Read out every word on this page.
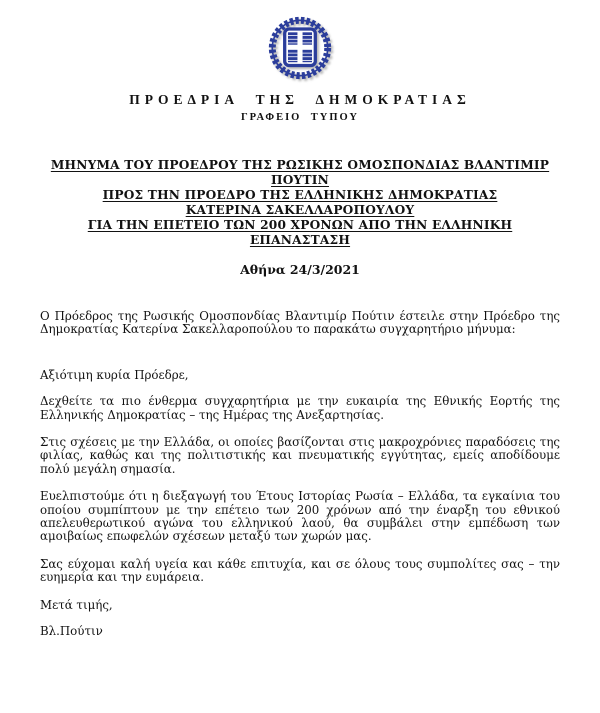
ΠΡΟΕΔΡΙΑ ΤΗΣ ΔΗΜΟΚΡΑΤΙΑΣ
ΓΡΑΦΕΙΟ ΤΥΠΟΥ
ΜΗΝΥΜΑ ΤΟΥ ΠΡΟΕΔΡΟΥ ΤΗΣ ΡΩΣΙΚΗΣ ΟΜΟΣΠΟΝΔΙΑΣ ΒΛΑΝΤΙΜΙΡ ΠΟΥΤΙΝ
ΠΡΟΣ ΤΗΝ ΠΡΟΕΔΡΟ ΤΗΣ ΕΛΛΗΝΙΚΗΣ ΔΗΜΟΚΡΑΤΙΑΣ
ΚΑΤΕΡΙΝΑ ΣΑΚΕΛΛΑΡΟΠΟΥΛΟΥ
ΓΙΑ ΤΗΝ ΕΠΕΤΕΙΟ ΤΩΝ 200 ΧΡΟΝΩΝ ΑΠΟ ΤΗΝ ΕΛΛΗΝΙΚΗ ΕΠΑΝΑΣΤΑΣΗ
Αθήνα 24/3/2021

Ο Πρόεδρος της Ρωσικής Ομοσπονδίας Βλαντιμίρ Πούτιν έστειλε στην Πρόεδρο της Δημοκρατίας Κατερίνα Σακελλαροπούλου το παρακάτω συγχαρητήριο μήνυμα:

Αξιότιμη κυρία Πρόεδρε,

Δεχθείτε τα πιο ένθερμα συγχαρητήρια με την ευκαιρία της Εθνικής Εορτής της Ελληνικής Δημοκρατίας – της Ημέρας της Ανεξαρτησίας.

Στις σχέσεις με την Ελλάδα, οι οποίες βασίζονται στις μακροχρόνιες παραδόσεις της φιλίας, καθώς και της πολιτιστικής και πνευματικής εγγύτητας, εμείς αποδίδουμε πολύ μεγάλη σημασία.

Ευελπιστούμε ότι η διεξαγωγή του Έτους Ιστορίας Ρωσία – Ελλάδα, τα εγκαίνια του οποίου συμπίπτουν με την επέτειο των 200 χρόνων από την έναρξη του εθνικού απελευθερωτικού αγώνα του ελληνικού λαού, θα συμβάλει στην εμπέδωση των αμοιβαίως επωφελών σχέσεων μεταξύ των χωρών μας.

Σας εύχομαι καλή υγεία και κάθε επιτυχία, και σε όλους τους συμπολίτες σας – την ευημερία και την ευμάρεια.

Μετά τιμής,

Βλ.Πούτιν
